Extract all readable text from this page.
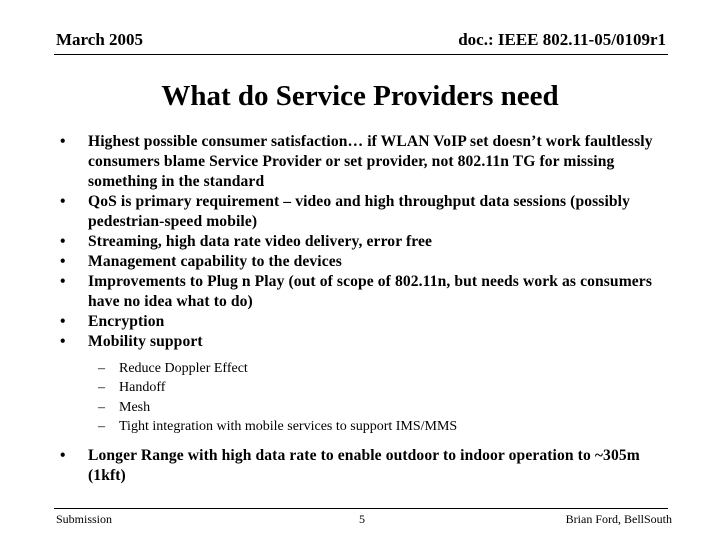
March 2005	doc.: IEEE 802.11-05/0109r1
What do Service Providers need
• Highest possible consumer satisfaction… if WLAN VoIP set doesn’t work faultlessly consumers blame Service Provider or set provider, not 802.11n TG for missing something in the standard
• QoS is primary requirement – video and high throughput data sessions (possibly pedestrian-speed mobile)
• Streaming, high data rate video delivery, error free
• Management capability to the devices
• Improvements to Plug n Play (out of scope of 802.11n, but needs work as consumers have no idea what to do)
• Encryption
• Mobility support
– Reduce Doppler Effect
– Handoff
– Mesh
– Tight integration with mobile services to support IMS/MMS
• Longer Range with high data rate to enable outdoor to indoor operation to ~305m (1kft)
Submission	5	Brian Ford, BellSouth
